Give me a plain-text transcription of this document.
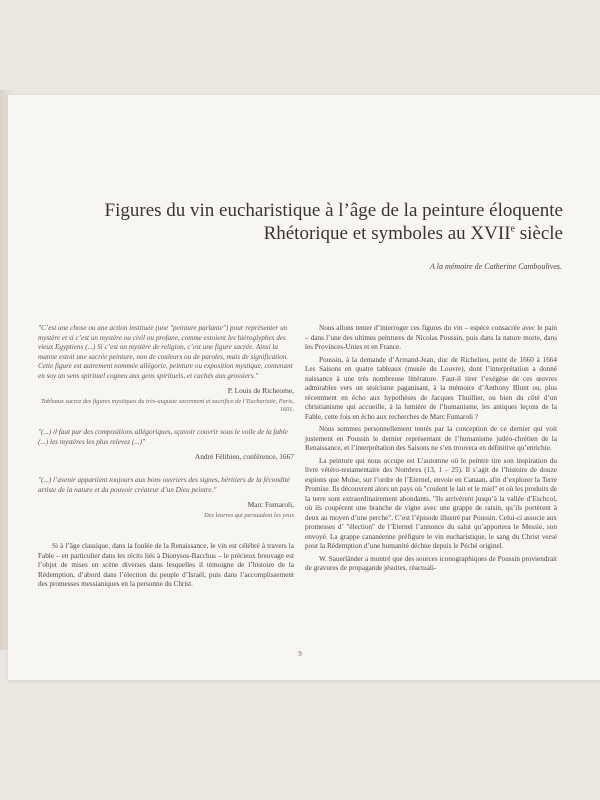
Figures du vin eucharistique à l’âge de la peinture éloquente
Rhétorique et symboles au XVIIe siècle
A la mémoire de Catherine Camboulives.

"C’est une chose ou une action instituée (une "peinture parlante") pour représenter un mystère et si c’est un mystère ou civil ou profane, comme estoient les hiéroglyphes des vieux Egyptiens (...) Si c’est un mystère de religion, c’est une figure sacrée. Ainsi la manne estoit une sacrée peinture, non de couleurs ou de paroles, mais de signification. Cette figure est autrement nommée allégorie, peinture ou exposition mystique, contenant en soy un sens spirituel cogneu aux gens spirituels, et cachés aux grossiers."

P. Louis de Richeome,

Tableaux sacrez des figures mystiques du très-auguste sacrement et sacrifice de l’Eucharistie, Paris, 1601.

"(...) il faut par des compositions allégoriques, sçavoir couvrir sous le voile de la fable (...) les mystères les plus relevez (...)"

André Félibien, conférence, 1667

"(...) l’avenir appartient toujours aux bons ouvriers des signes, héritiers de la fécondité artiste de la nature et du pouvoir créateur d’un Dieu peintre."

Marc Fumaroli,

Des leurres qui persuadent les yeux

Si à l’âge classique, dans la foulée de la Renaissance, le vin est célébré à travers la Fable – en particulier dans les récits liés à Dionysos-Bacchus – le précieux breuvage est l’objet de mises en scène diverses dans lesquelles il témoigne de l’histoire de la Rédemption, d’abord dans l’élection du peuple d’Israël, puis dans l’accomplissement des promesses messianiques en la personne du Christ.

Nous allons tenter d’interroger ces figures du vin – espèce consacrée avec le pain – dans l’une des ultimes peintures de Nicolas Poussin, puis dans la nature morte, dans les Provinces-Unies et en France.

Poussin, à la demande d’Armand-Jean, duc de Richelieu, peint de 1660 à 1664 Les Saisons en quatre tableaux (musée du Louvre), dont l’interprétation a donné naissance à une très nombreuse littérature. Faut-il tirer l’exégèse de ces œuvres admirables vers un stoïcisme paganisant, à la mémoire d’Anthony Blunt ou, plus récemment en écho aux hypothèses de Jacques Thuillier, ou bien du côté d’un christianisme qui accueille, à la lumière de l’humanisme, les antiques leçons de la Fable, cette fois en écho aux recherches de Marc Fumaroli ?

Nous sommes personnellement tentés par la conception de ce dernier qui voit justement en Poussin le dernier représentant de l’humanisme judéo-chrétien de la Renaissance, et l’interprétation des Saisons ne s’en trouvera en définitive qu’enrichie.

La peinture qui nous occupe est L’automne où le peintre tire son inspiration du livre vétéro-testamentaire des Nombres (13, 1 – 25). Il s’agit de l’histoire de douze espions que Moïse, sur l’ordre de l’Eternel, envoie en Canaan, afin d’explorer la Terre Promise. Ils découvrent alors un pays où "coulent le lait et le miel" et où les produits de la terre sont extraordinairement abondants. "Ils arrivèrent jusqu’à la vallée d’Eschcol, où ils coupèrent une branche de vigne avec une grappe de raisin, qu’ils portèrent à deux au moyen d’une perche". C’est l’épisode illustré par Poussin. Celui-ci associe aux promesses d’ "élection" de l’Eternel l’annonce du salut qu’apportera le Messie, son envoyé. La grappe cananéenne préfigure le vin eucharistique, le sang du Christ versé pour la Rédemption d’une humanité déchue depuis le Péché originel.

W. Sauerländer a montré que des sources iconographiques de Poussin proviendrait de gravures de propagande jésuites, réactuali-

9
